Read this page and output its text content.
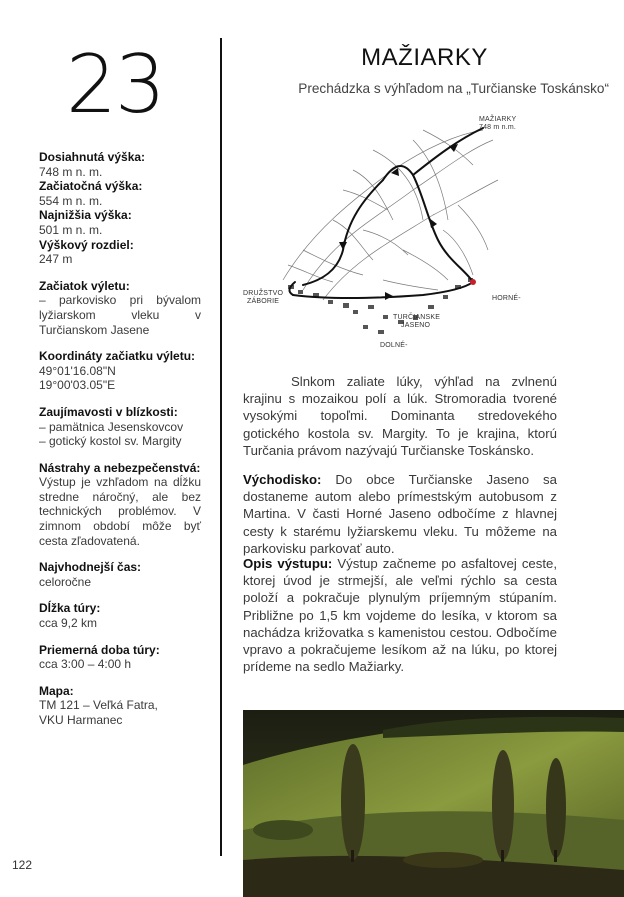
23
Dosiahnutá výška:
748 m n. m.
Začiatočná výška:
554 m n. m.
Najnižšia výška:
501 m n. m.
Výškový rozdiel:
247 m
Začiatok výletu:
– parkovisko pri bývalom lyžiarskom vleku v Turčianskom Jasene
Koordináty začiatku výletu:
49°01'16.08"N
19°00'03.05"E
Zaujímavosti v blízkosti:
– pamätnica Jesenskovcov
– gotický kostol sv. Margity
Nástrahy a nebezpečenstvá:
Výstup je vzhľadom na dĺžku stredne náročný, ale bez technických problémov. V zimnom období môže byť cesta zľadovatená.
Najvhodnejší čas:
celoročne
Dĺžka túry:
cca 9,2 km
Priemerná doba túry:
cca 3:00 – 4:00 h
Mapa:
TM 121 – Veľká Fatra,
VKU Harmanec
MAŽIARKY
Prechádzka s výhľadom na „Turčianske Toskánsko“
MAŽIARKY 748 m n.m.
DRUŽSTVO
ZÁBORIE	HORNÉ-
TURČIANSKE
JASENO
DOLNÉ-
Slnkom zaliate lúky, výhľad na zvlnenú krajinu s mozaikou polí a lúk. Stromoradia tvorené vysokými topoľmi. Dominanta stredovekého gotického kostola sv. Margity. To je krajina, ktorú Turčania právom nazývajú Turčianske Toskánsko.
Východisko: Do obce Turčianske Jaseno sa dostaneme autom alebo prímestským autobusom z Martina. V časti Horné Jaseno odbočíme z hlavnej cesty k starému lyžiarskemu vleku. Tu môžeme na parkovisku parkovať auto.
Opis výstupu: Výstup začneme po asfaltovej ceste, ktorej úvod je strmejší, ale veľmi rýchlo sa cesta položí a pokračuje plynulým príjemným stúpaním. Približne po 1,5 km vojdeme do lesíka, v ktorom sa nachádza križovatka s kamenistou cestou. Odbočíme vpravo a pokračujeme lesíkom až na lúku, po ktorej prídeme na sedlo Mažiarky.
122
